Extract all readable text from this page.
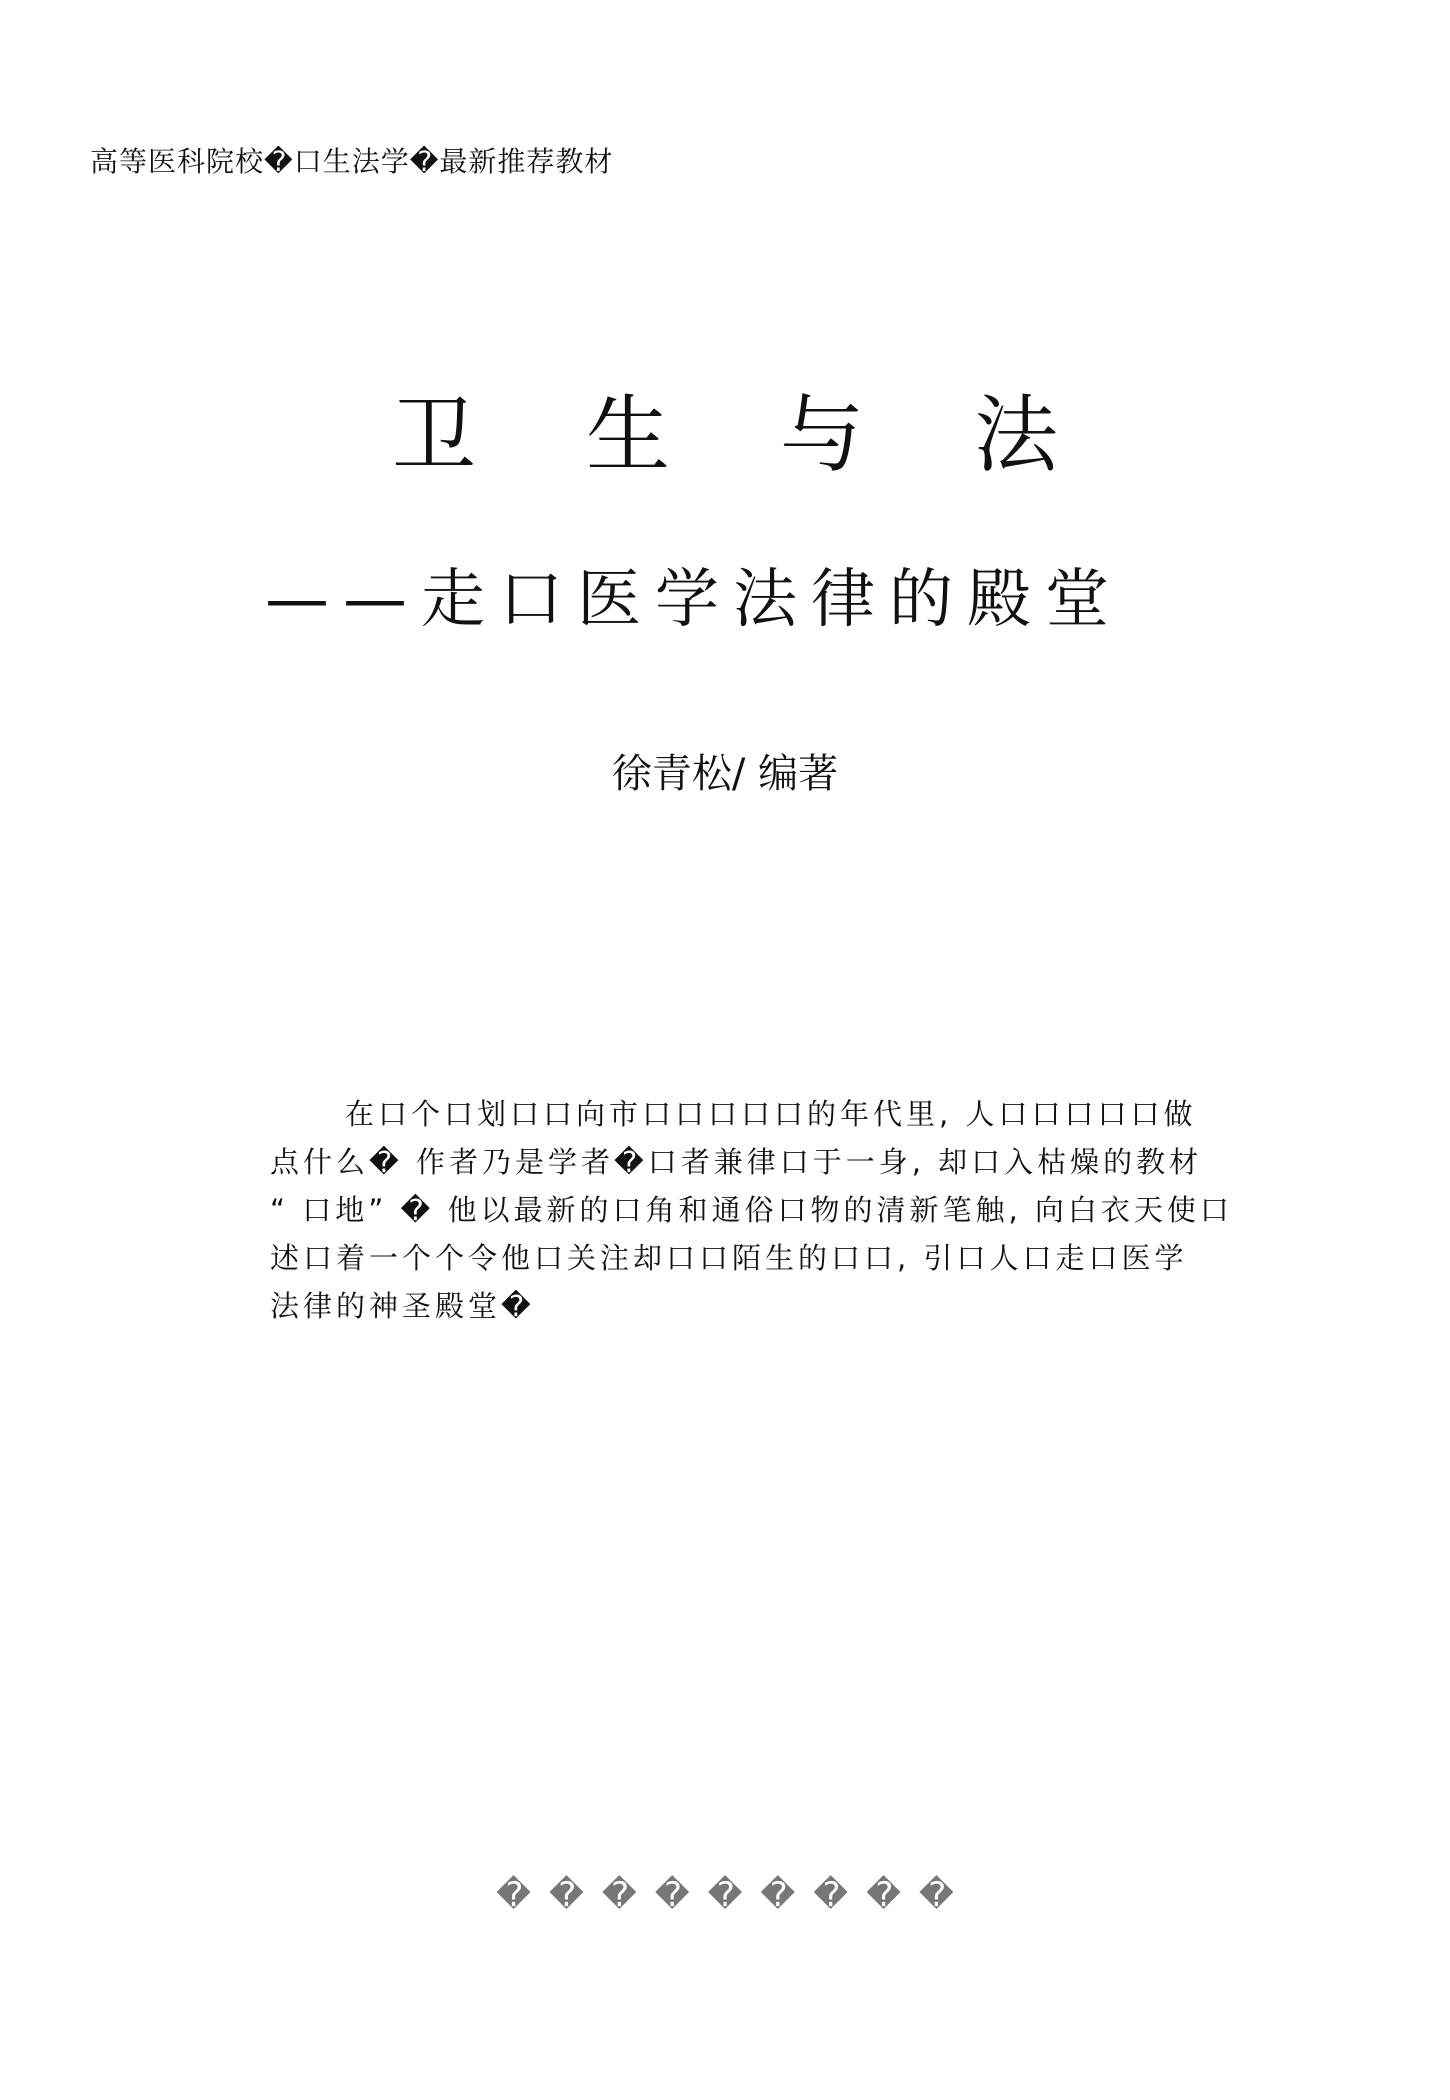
高等医科院校�口生法学�最新推荐教材
卫生与法
——走口医学法律的殿堂
徐青松/ 编著
在口个口划口口向市口口口口口的年代里, 人口口口口口做
点什么� 作者乃是学者�口者兼律口于一身, 却口入枯燥的教材
“ 口地” � 他以最新的口角和通俗口物的清新笔触, 向白衣天使口
述口着一个个令他口关注却口口陌生的口口, 引口人口走口医学
法律的神圣殿堂�
���������
